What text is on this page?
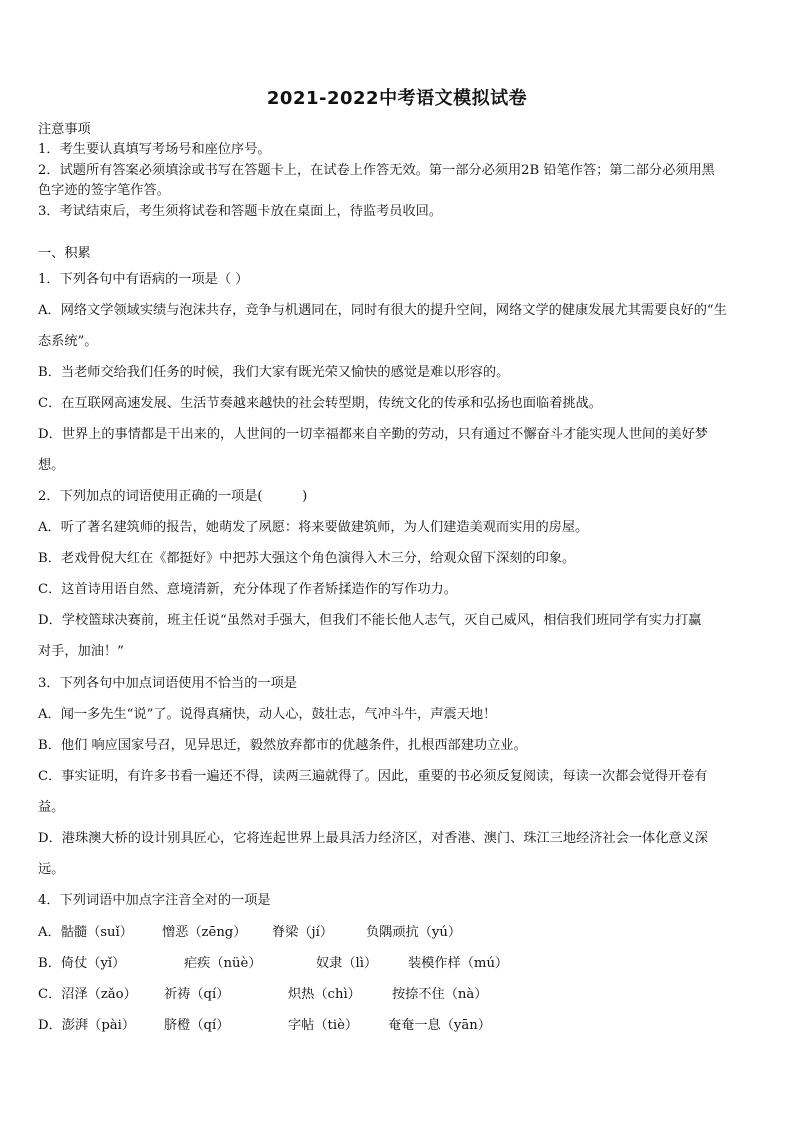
2021-2022中考语文模拟试卷
注意事项
1．考生要认真填写考场号和座位序号。
2．试题所有答案必须填涂或书写在答题卡上，在试卷上作答无效。第一部分必须用2B 铅笔作答；第二部分必须用黑
色字迹的签字笔作答。
3．考试结束后，考生须将试卷和答题卡放在桌面上，待监考员收回。
一、积累
1．下列各句中有语病的一项是（ ）
A．网络文学领域实绩与泡沫共存，竞争与机遇同在，同时有很大的提升空间，网络文学的健康发展尤其需要良好的“生
态系统”。
B．当老师交给我们任务的时候，我们大家有既光荣又愉快的感觉是难以形容的。
C．在互联网高速发展、生活节奏越来越快的社会转型期，传统文化的传承和弘扬也面临着挑战。
D．世界上的事情都是干出来的，人世间的一切幸福都来自辛勤的劳动，只有通过不懈奋斗才能实现人世间的美好梦
想。
2．下列加点的词语使用正确的一项是(　　　)
A．听了著名建筑师的报告，她萌发了夙愿：将来要做建筑师，为人们建造美观而实用的房屋。
B．老戏骨倪大红在《都挺好》中把苏大强这个角色演得入木三分，给观众留下深刻的印象。
C．这首诗用语自然、意境清新，充分体现了作者矫揉造作的写作功力。
D．学校篮球决赛前，班主任说“虽然对手强大，但我们不能长他人志气，灭自己威风，相信我们班同学有实力打赢
对手，加油！”
3．下列各句中加点词语使用不恰当的一项是
A．闻一多先生“说”了。说得真痛快，动人心，鼓壮志，气冲斗牛，声震天地！
B．他们 响应国家号召，见异思迁，毅然放弃都市的优越条件，扎根西部建功立业。
C．事实证明，有许多书看一遍还不得，读两三遍就得了。因此，重要的书必须反复阅读，每读一次都会觉得开卷有
益。
D．港珠澳大桥的设计别具匠心，它将连起世界上最具活力经济区，对香港、澳门、珠江三地经济社会一体化意义深
远。
4．下列词语中加点字注音全对的一项是
A．骷髓（suǐ） 憎恶（zēng） 脊梁（jí） 负隅顽抗（yú）
B．倚仗（yǐ）	疟疾（nüè）	奴隶（lì） 装模作样（mú）
C．沼泽（zǎo） 祈祷（qí）	炽热（chì） 按捺不住（nà）
D．澎湃（pài） 脐橙（qí）	字帖（tiè） 奄奄一息（yān）
